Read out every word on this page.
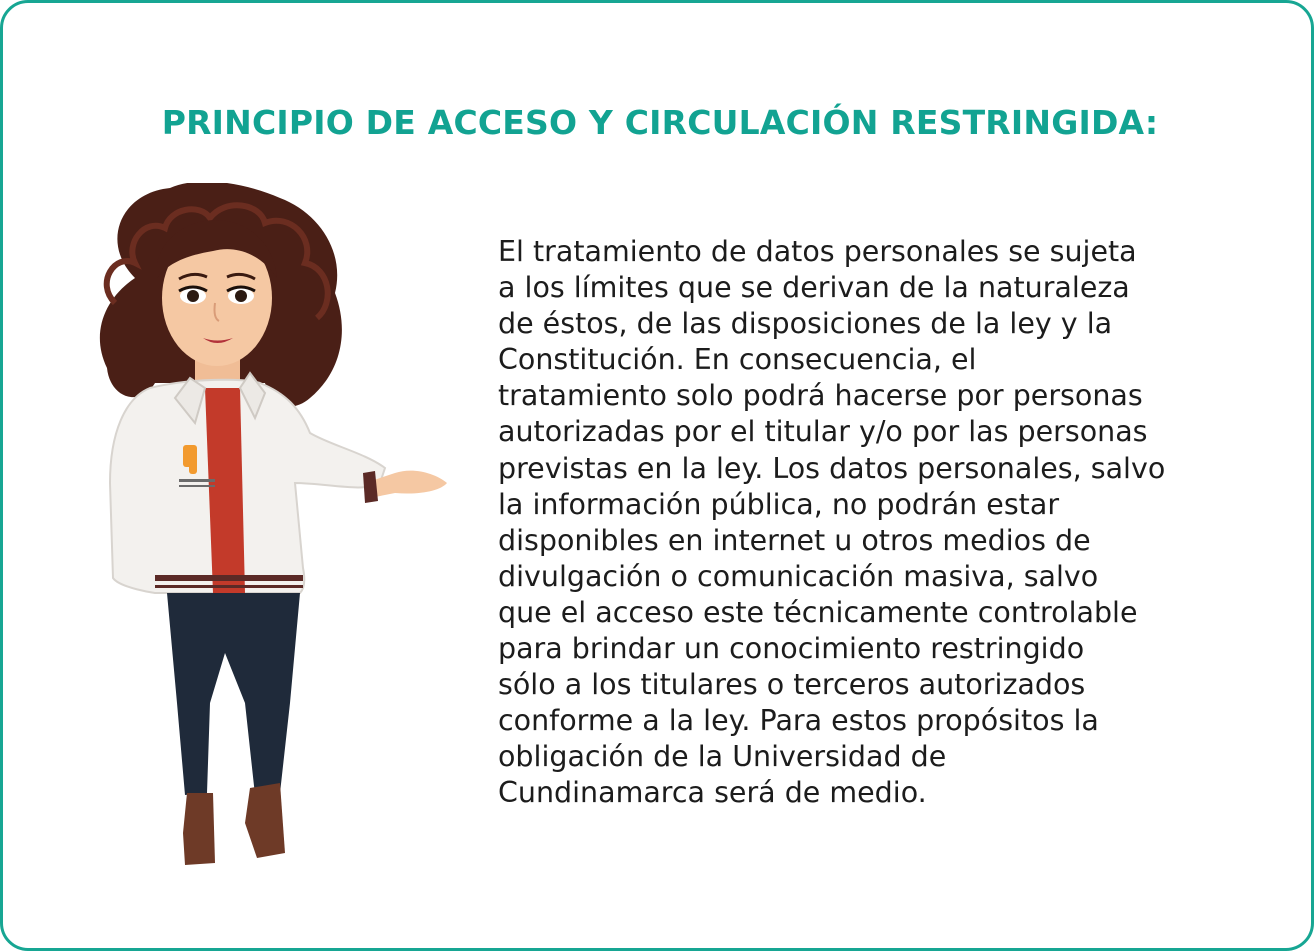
PRINCIPIO DE ACCESO Y CIRCULACIÓN RESTRINGIDA:

El tratamiento de datos personales se sujeta
a los límites que se derivan de la naturaleza
de éstos, de las disposiciones de la ley y la
Constitución. En consecuencia, el
tratamiento solo podrá hacerse por personas
autorizadas por el titular y/o por las personas
previstas en la ley. Los datos personales, salvo
la información pública, no podrán estar
disponibles en internet u otros medios de
divulgación o comunicación masiva, salvo
que el acceso este técnicamente controlable
para brindar un conocimiento restringido
sólo a los titulares o terceros autorizados
conforme a la ley. Para estos propósitos la
obligación de la Universidad de
Cundinamarca será de medio.
